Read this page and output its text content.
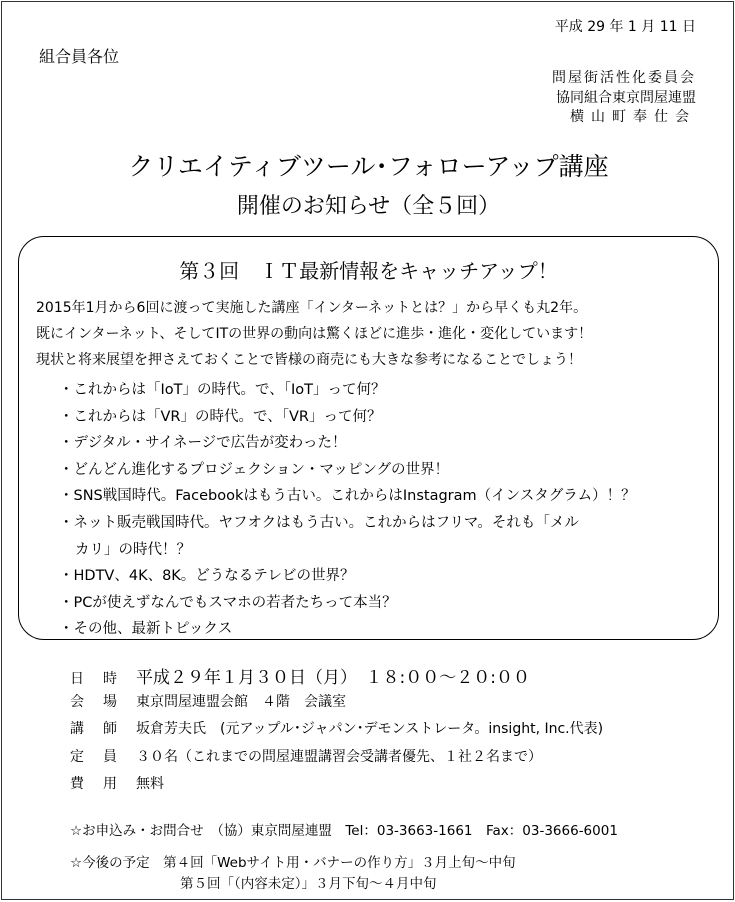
平成 29 年 1 月 11 日
組合員各位
問屋街活性化委員会
協同組合東京問屋連盟
横山町奉仕会
クリエイティブツール･フォローアップ講座
開催のお知らせ（全５回）
第３回　ＩＴ最新情報をキャッチアップ！
2015年1月から6回に渡って実施した講座「インターネットとは？」から早くも丸2年。
既にインターネット、そしてITの世界の動向は驚くほどに進歩・進化・変化しています！
現状と将来展望を押さえておくことで皆様の商売にも大きな参考になることでしょう！
・これからは「IoT」の時代。で、「IoT」って何？
・これからは「VR」の時代。で、「VR」って何？
・デジタル・サイネージで広告が変わった！
・どんどん進化するプロジェクション・マッピングの世界！
・SNS戦国時代。Facebookはもう古い。これからはInstagram（インスタグラム）！？
・ネット販売戦国時代。ヤフオクはもう古い。これからはフリマ。それも「メル
カリ」の時代！？
・HDTV、4K、8K。どうなるテレビの世界？
・PCが使えずなんでもスマホの若者たちって本当？
・その他、最新トピックス
日 時	平成２９年１月３０日（月）　１８:００～２０:００
会 場	東京問屋連盟会館　４階　会議室
講 師	坂倉芳夫氏　(元アップル･ジャパン･デモンストレータ。insight, Inc.代表)
定 員	３０名（これまでの問屋連盟講習会受講者優先、１社２名まで）
費 用	無料
☆お申込み・お問合せ　（協）東京問屋連盟　Tel：03-3663-1661　Fax：03-3666-6001
☆今後の予定　第４回「Webサイト用・バナーの作り方」３月上旬～中旬
第５回「（内容未定）」３月下旬～４月中旬
